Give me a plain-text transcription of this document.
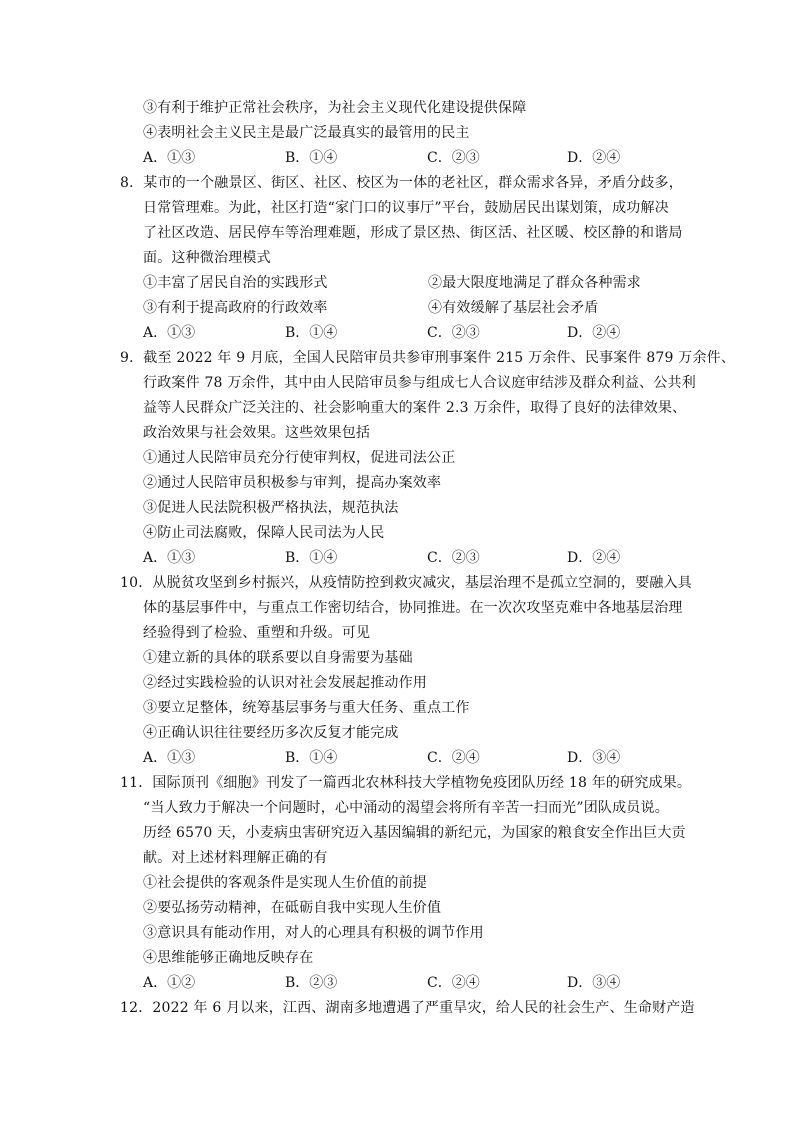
③有利于维护正常社会秩序，为社会主义现代化建设提供保障
④表明社会主义民主是最广泛最真实的最管用的民主
A．①③	B．①④	C．②③	D．②④
8．某市的一个融景区、街区、社区、校区为一体的老社区，群众需求各异，矛盾分歧多，
日常管理难。为此，社区打造“家门口的议事厅”平台，鼓励居民出谋划策，成功解决
了社区改造、居民停车等治理难题，形成了景区热、街区活、社区暖、校区静的和谐局
面。这种微治理模式
①丰富了居民自治的实践形式	②最大限度地满足了群众各种需求
③有利于提高政府的行政效率	④有效缓解了基层社会矛盾
A．①③	B．①④	C．②③	D．②④
9．截至 2022 年 9 月底，全国人民陪审员共参审刑事案件 215 万余件、民事案件 879 万余件、
行政案件 78 万余件，其中由人民陪审员参与组成七人合议庭审结涉及群众利益、公共利
益等人民群众广泛关注的、社会影响重大的案件 2.3 万余件，取得了良好的法律效果、
政治效果与社会效果。这些效果包括
①通过人民陪审员充分行使审判权，促进司法公正
②通过人民陪审员积极参与审判，提高办案效率
③促进人民法院积极严格执法，规范执法
④防止司法腐败，保障人民司法为人民
A．①③	B．①④	C．②③	D．②④
10．从脱贫攻坚到乡村振兴，从疫情防控到救灾减灾，基层治理不是孤立空洞的，要融入具
体的基层事件中，与重点工作密切结合，协同推进。在一次次攻坚克难中各地基层治理
经验得到了检验、重塑和升级。可见
①建立新的具体的联系要以自身需要为基础
②经过实践检验的认识对社会发展起推动作用
③要立足整体，统筹基层事务与重大任务、重点工作
④正确认识往往要经历多次反复才能完成
A．①③	B．①④	C．②④	D．③④
11．国际顶刊《细胞》刊发了一篇西北农林科技大学植物免疫团队历经 18 年的研究成果。
“当人致力于解决一个问题时，心中涌动的渴望会将所有辛苦一扫而光”团队成员说。
历经 6570 天，小麦病虫害研究迈入基因编辑的新纪元，为国家的粮食安全作出巨大贡
献。对上述材料理解正确的有
①社会提供的客观条件是实现人生价值的前提
②要弘扬劳动精神，在砥砺自我中实现人生价值
③意识具有能动作用，对人的心理具有积极的调节作用
④思维能够正确地反映存在
A．①②	B．②③	C．②④	D．③④
12．2022 年 6 月以来，江西、湖南多地遭遇了严重旱灾，给人民的社会生产、生命财产造
